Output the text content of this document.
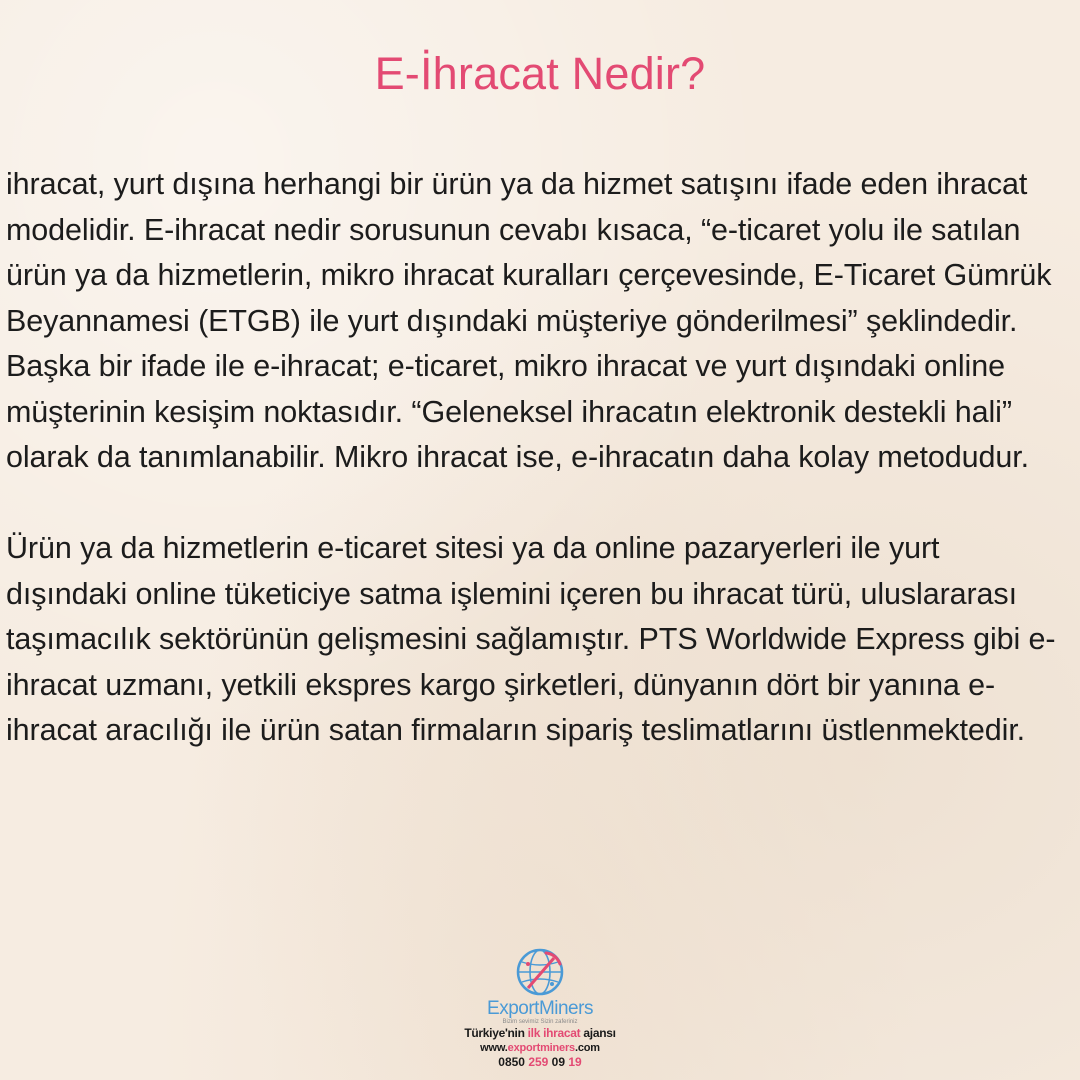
E-İhracat Nedir?

ihracat, yurt dışına herhangi bir ürün ya da hizmet satışını ifade eden ihracat modelidir. E-ihracat nedir sorusunun cevabı kısaca, “e-ticaret yolu ile satılan ürün ya da hizmetlerin, mikro ihracat kuralları çerçevesinde, E-Ticaret Gümrük Beyannamesi (ETGB) ile yurt dışındaki müşteriye gönderilmesi” şeklindedir. Başka bir ifade ile e-ihracat; e-ticaret, mikro ihracat ve yurt dışındaki online müşterinin kesişim noktasıdır. “Geleneksel ihracatın elektronik destekli hali” olarak da tanımlanabilir. Mikro ihracat ise, e-ihracatın daha kolay metodudur.

Ürün ya da hizmetlerin e-ticaret sitesi ya da online pazaryerleri ile yurt dışındaki online tüketiciye satma işlemini içeren bu ihracat türü, uluslararası taşımacılık sektörünün gelişmesini sağlamıştır. PTS Worldwide Express gibi e-ihracat uzmanı, yetkili ekspres kargo şirketleri, dünyanın dört bir yanına e-ihracat aracılığı ile ürün satan firmaların sipariş teslimatlarını üstlenmektedir.

ExportMiners
Bizim sevimiz Sizin zaferiniz
Türkiye'nin ilk ihracat ajansı
www.exportminers.com
0850 259 09 19
